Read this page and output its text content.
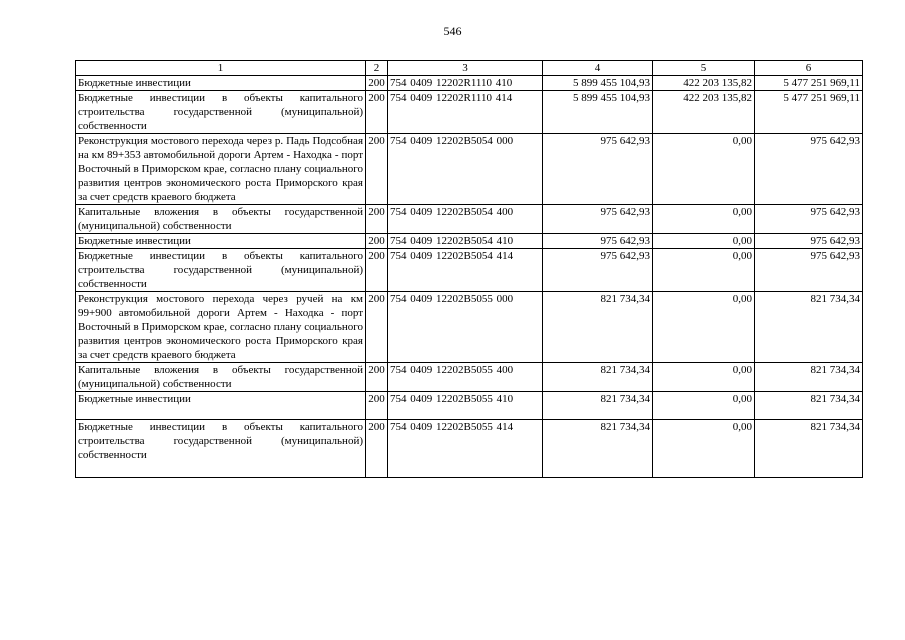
546
1	2	3	4	5	6
Бюджетные инвестиции	200	754 0409 12202R1110 410	5 899 455 104,93	422 203 135,82	5 477 251 969,11
Бюджетные инвестиции в объекты капитального строительства государственной (муниципальной) собственности	200	754 0409 12202R1110 414	5 899 455 104,93	422 203 135,82	5 477 251 969,11
Реконструкция мостового перехода через р. Падь Подсобная на км 89+353 автомобильной дороги Артем - Находка - порт Восточный в Приморском крае, согласно плану социального развития центров экономического роста Приморского края за счет средств краевого бюджета	200	754 0409 12202B5054 000	975 642,93	0,00	975 642,93
Капитальные вложения в объекты государственной (муниципальной) собственности	200	754 0409 12202B5054 400	975 642,93	0,00	975 642,93
Бюджетные инвестиции	200	754 0409 12202B5054 410	975 642,93	0,00	975 642,93
Бюджетные инвестиции в объекты капитального строительства государственной (муниципальной) собственности	200	754 0409 12202B5054 414	975 642,93	0,00	975 642,93
Реконструкция мостового перехода через ручей на км 99+900 автомобильной дороги Артем - Находка - порт Восточный в Приморском крае, согласно плану социального развития центров экономического роста Приморского края за счет средств краевого бюджета	200	754 0409 12202B5055 000	821 734,34	0,00	821 734,34
Капитальные вложения в объекты государственной (муниципальной) собственности	200	754 0409 12202B5055 400	821 734,34	0,00	821 734,34
Бюджетные инвестиции	200	754 0409 12202B5055 410	821 734,34	0,00	821 734,34
Бюджетные инвестиции в объекты капитального строительства государственной (муниципальной) собственности	200	754 0409 12202B5055 414	821 734,34	0,00	821 734,34
